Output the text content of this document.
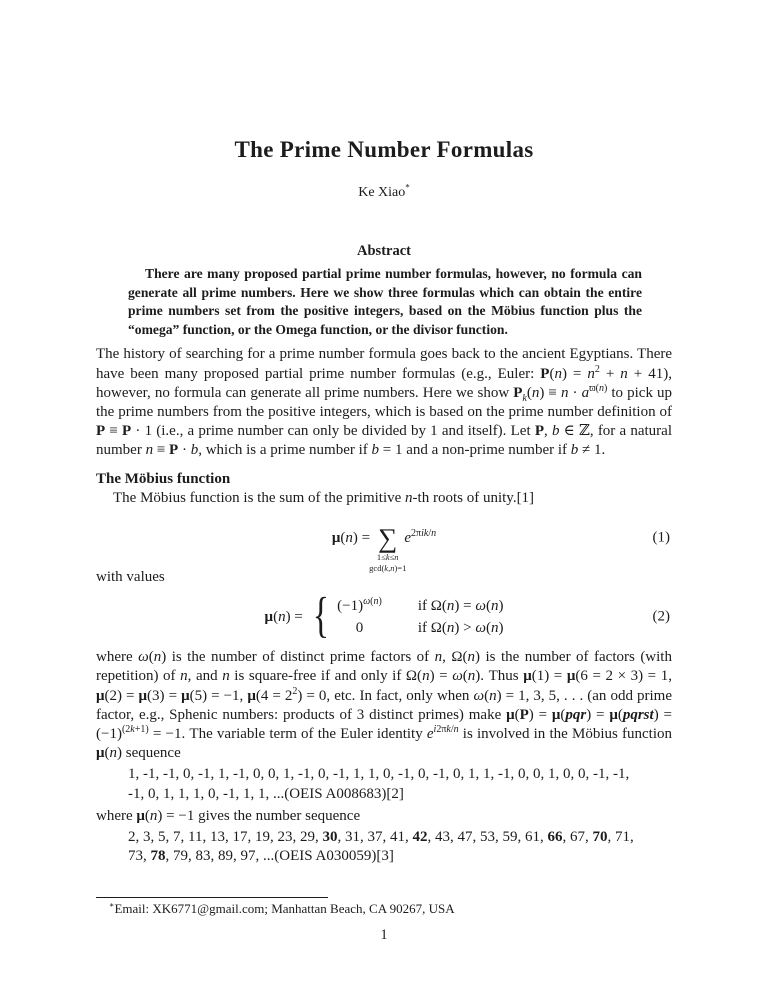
The Prime Number Formulas
Ke Xiao*
Abstract

There are many proposed partial prime number formulas, however, no formula can generate all prime numbers. Here we show three formulas which can obtain the entire prime numbers set from the positive integers, based on the Möbius function plus the “omega” function, or the Omega function, or the divisor function.

The history of searching for a prime number formula goes back to the ancient Egyptians. There have been many proposed partial prime number formulas (e.g., Euler: $P(n) = n^2 + n + 41$), however, no formula can generate all prime numbers. Here we show $P_k(n) \equiv n \cdot a^{ϖ(n)}$ to pick up the prime numbers from the positive integers, which is based on the prime number definition of P ≡ P · 1 (i.e., a prime number can only be divided by 1 and itself). Let P, b ∈ ℤ, for a natural number n ≡ P · b, which is a prime number if b = 1 and a non-prime number if b ≠ 1.

The Möbius function

The Möbius function is the sum of the primitive n-th roots of unity.[1]

μ(n) = ∑
1≤k≤n
gcd(k,n)=1
$e^{2\pi ik/n}$	(1)

with values

μ(n) = { $(-1)^{\omega(n)}$ if Ω(n) = ω(n)
0	if Ω(n) > ω(n)
(2)

where ω(n) is the number of distinct prime factors of n, Ω(n) is the number of factors (with repetition) of n, and n is square-free if and only if Ω(n) = ω(n). Thus μ(1) = μ(6 = 2 × 3) = 1, μ(2) = μ(3) = μ(5) = −1, $\mu(4 = 2^2) = 0$, etc. In fact, only when ω(n) = 1, 3, 5, . . . (an odd prime factor, e.g., Sphenic numbers: products of 3 distinct primes) make μ(P) = μ(pqr) = μ(pqrst) = $(-1)^{(2k+1)} = -1$. The variable term of the Euler identity $e^{i2\pi k/n}$ is involved in the Möbius function μ(n) sequence

1, -1, -1, 0, -1, 1, -1, 0, 0, 1, -1, 0, -1, 1, 1, 0, -1, 0, -1, 0, 1, 1, -1, 0, 0, 1, 0, 0, -1, -1, -1, 0, 1, 1, 1, 0, -1, 1, 1, ...(OEIS A008683)[2]

where μ(n) = −1 gives the number sequence

2, 3, 5, 7, 11, 13, 17, 19, 23, 29, 30, 31, 37, 41, 42, 43, 47, 53, 59, 61, 66, 67, 70, 71, 73, 78, 79, 83, 89, 97, ...(OEIS A030059)[3]

∗Email: XK6771@gmail.com; Manhattan Beach, CA 90267, USA

1
